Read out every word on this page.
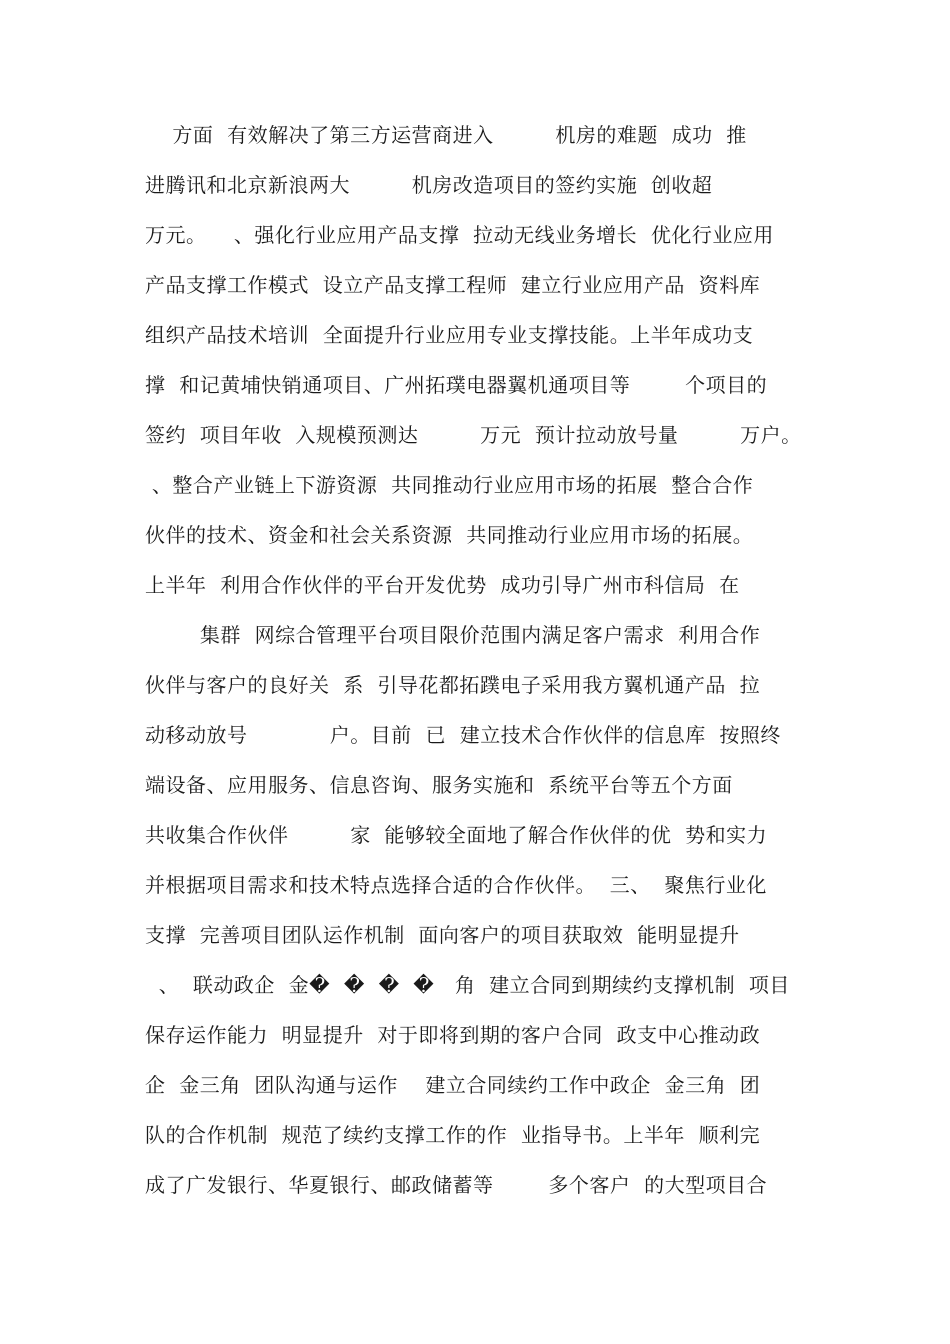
方面  有效解决了第三方运营商进入         机房的难题  成功  推
进腾讯和北京新浪两大         机房改造项目的签约实施  创收超
万元。    、强化行业应用产品支撑  拉动无线业务增长  优化行业应用
产品支撑工作模式  设立产品支撑工程师  建立行业应用产品  资料库
组织产品技术培训  全面提升行业应用专业支撑技能。上半年成功支
撑  和记黄埔快销通项目、广州拓璞电器翼机通项目等        个项目的
签约  项目年收  入规模预测达         万元  预计拉动放号量         万户。
、整合产业链上下游资源  共同推动行业应用市场的拓展  整合合作
伙伴的技术、资金和社会关系资源  共同推动行业应用市场的拓展。
上半年  利用合作伙伴的平台开发优势  成功引导广州市科信局  在
集群  网综合管理平台项目限价范围内满足客户需求  利用合作
伙伴与客户的良好关  系  引导花都拓蹼电子采用我方翼机通产品  拉
动移动放号            户。目前  已  建立技术合作伙伴的信息库  按照终
端设备、应用服务、信息咨询、服务实施和  系统平台等五个方面
共收集合作伙伴         家  能够较全面地了解合作伙伴的优  势和实力
并根据项目需求和技术特点选择合适的合作伙伴。  三、  聚焦行业化
支撑  完善项目团队运作机制  面向客户的项目获取效  能明显提升
、  联动政企  金�  �  �  �   角  建立合同到期续约支撑机制  项目
保存运作能力  明显提升  对于即将到期的客户合同  政支中心推动政
企  金三角  团队沟通与运作    建立合同续约工作中政企  金三角  团
队的合作机制  规范了续约支撑工作的作  业指导书。上半年  顺利完
成了广发银行、华夏银行、邮政储蓄等        多个客户  的大型项目合
